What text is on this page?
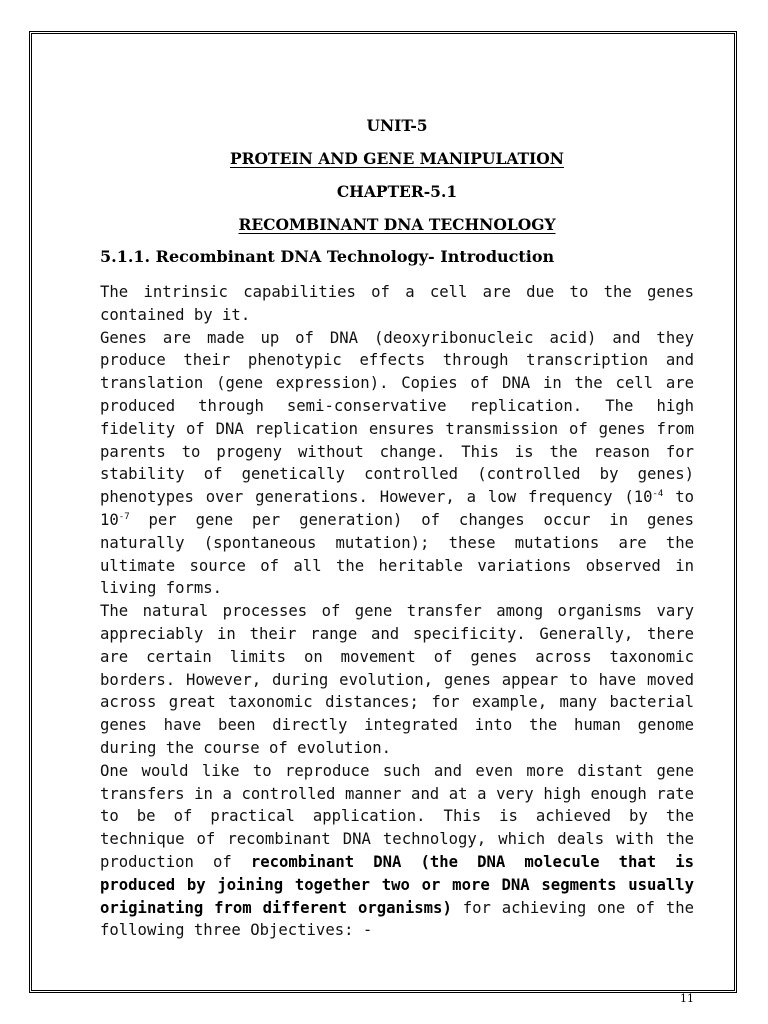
UNIT-5
PROTEIN AND GENE MANIPULATION
CHAPTER-5.1
RECOMBINANT DNA TECHNOLOGY
5.1.1. Recombinant DNA Technology- Introduction

The intrinsic capabilities of a cell are due to the genes contained by it.

Genes are made up of DNA (deoxyribonucleic acid) and they produce their phenotypic effects through transcription and translation (gene expression). Copies of DNA in the cell are produced through semi-conservative replication. The high fidelity of DNA replication ensures transmission of genes from parents to progeny without change. This is the reason for stability of genetically controlled (controlled by genes) phenotypes over generations. However, a low frequency ($10^{-4}$ to $10^{-7}$ per gene per generation) of changes occur in genes naturally (spontaneous mutation); these mutations are the ultimate source of all the heritable variations observed in living forms.

The natural processes of gene transfer among organisms vary appreciably in their range and specificity. Generally, there are certain limits on movement of genes across taxonomic borders. However, during evolution, genes appear to have moved across great taxonomic distances; for example, many bacterial genes have been directly integrated into the human genome during the course of evolution.

One would like to reproduce such and even more distant gene transfers in a controlled manner and at a very high enough rate to be of practical application. This is achieved by the technique of recombinant DNA technology, which deals with the production of recombinant DNA (the DNA molecule that is produced by joining together two or more DNA segments usually originating from different organisms) for achieving one of the following three Objectives: -

11
